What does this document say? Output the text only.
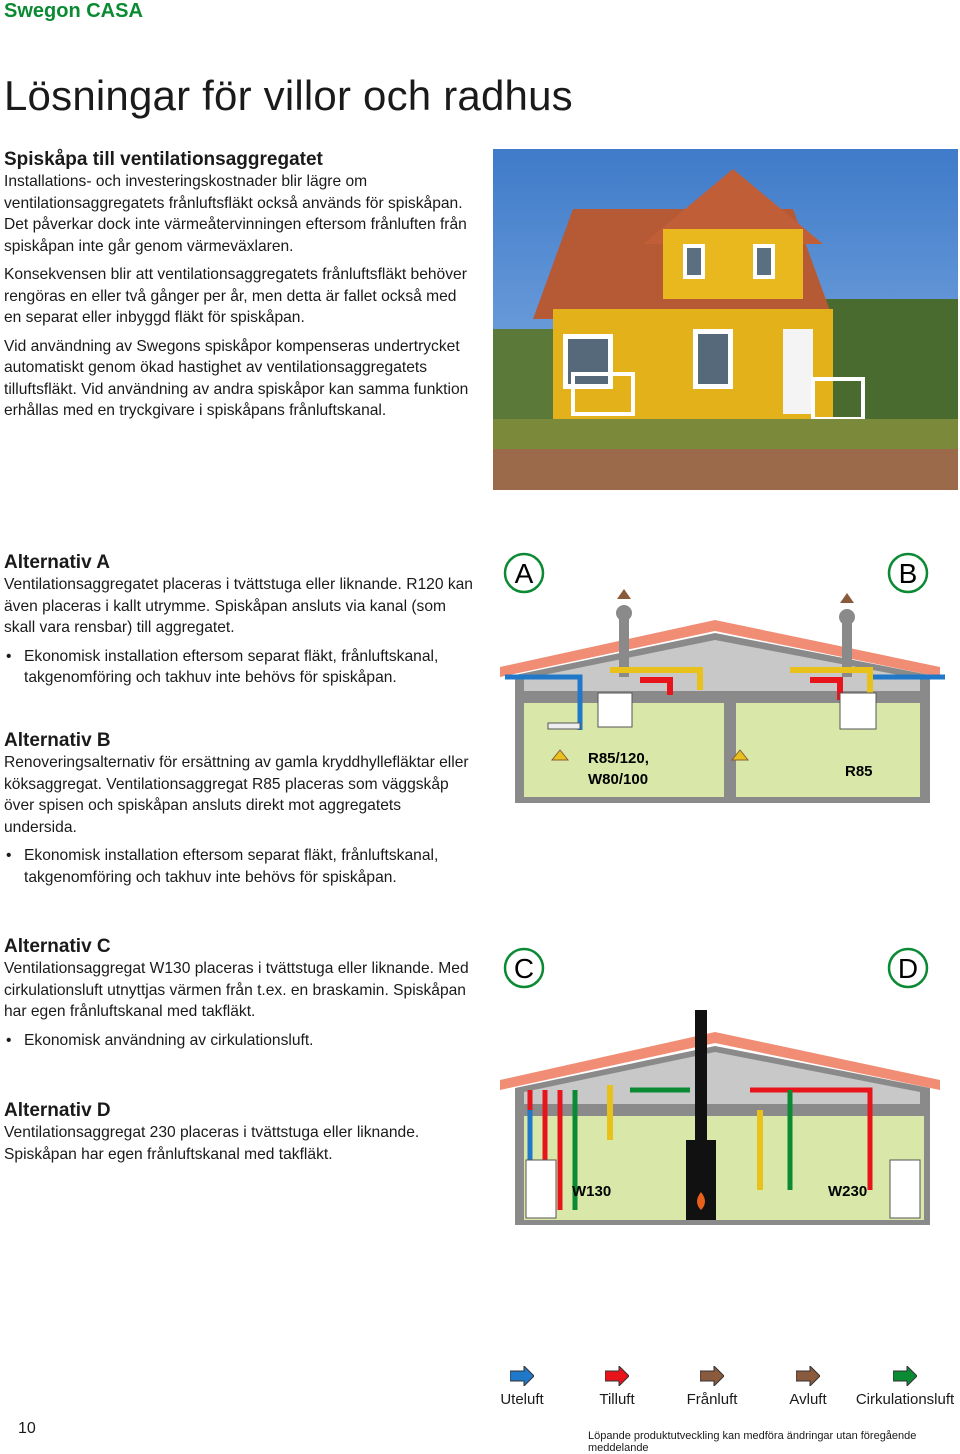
Swegon CASA
Lösningar för villor och radhus
Spiskåpa till ventilationsaggregatet

Installations- och investeringskostnader blir lägre om ventilationsaggregatets frånluftsfläkt också används för spiskåpan. Det påverkar dock inte värmeåtervinningen eftersom frånluften från spiskåpan inte går genom värmeväxlaren.

Konsekvensen blir att ventilationsaggregatets frånluftsfläkt behöver rengöras en eller två gånger per år, men detta är fallet också med en separat eller inbyggd fläkt för spiskåpan.

Vid användning av Swegons spiskåpor kompenseras undertrycket automatiskt genom ökad hastighet av ventilationsaggregatets tilluftsfläkt. Vid användning av andra spiskåpor kan samma funktion erhållas med en tryckgivare i spiskåpans frånluftskanal.

Alternativ A

Ventilationsaggregatet placeras i tvättstuga eller liknande. R120 kan även placeras i kallt utrymme. Spiskåpan ansluts via kanal (som skall vara rensbar) till aggregatet.

• Ekonomisk installation eftersom separat fläkt, frånluftskanal, takgenomföring och takhuv inte behövs för spiskåpan.
Alternativ B

Renoveringsalternativ för ersättning av gamla kryddhyllefläktar eller köksaggregat. Ventilationsaggregat R85 placeras som väggskåp över spisen och spiskåpan ansluts direkt mot aggregatets undersida.

• Ekonomisk installation eftersom separat fläkt, frånluftskanal, takgenomföring och takhuv inte behövs för spiskåpan.
Alternativ C

Ventilationsaggregat W130 placeras i tvättstuga eller liknande. Med cirkulationsluft utnyttjas värmen från t.ex. en braskamin. Spiskåpan har egen frånluftskanal med takfläkt.

• Ekonomisk användning av cirkulationsluft.
Alternativ D

Ventilationsaggregat 230 placeras i tvättstuga eller liknande. Spiskåpan har egen frånluftskanal med takfläkt.

A	B
R85/120,
W80/100	R85
C	D
W130	W230
Uteluft	Tilluft	Frånluft	Avluft	Cirkulationsluft
10	Löpande produktutveckling kan medföra ändringar utan föregående meddelande
